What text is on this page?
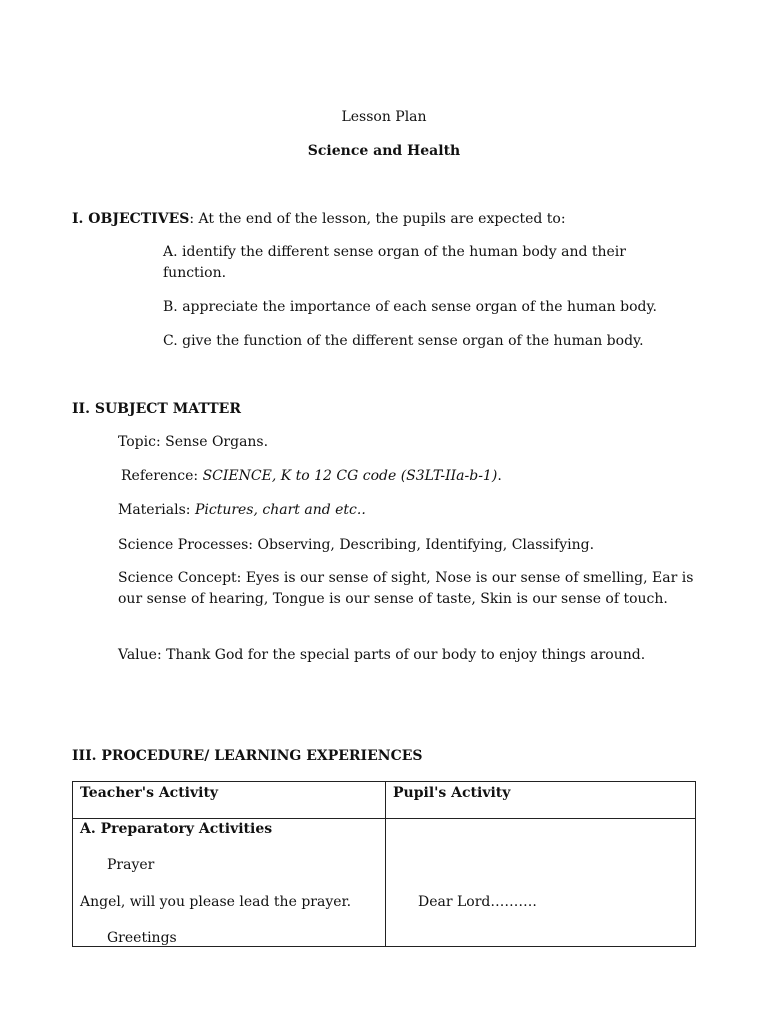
Lesson Plan
Science and Health
I. OBJECTIVES: At the end of the lesson, the pupils are expected to:
A. identify the different sense organ of the human body and their function.
B. appreciate the importance of each sense organ of the human body.
C. give the function of the different sense organ of the human body.
II. SUBJECT MATTER
Topic: Sense Organs.
Reference: SCIENCE, K to 12 CG code (S3LT-IIa-b-1).
Materials: Pictures, chart and etc..
Science Processes: Observing, Describing, Identifying, Classifying.
Science Concept: Eyes is our sense of sight, Nose is our sense of smelling, Ear is our sense of hearing, Tongue is our sense of taste, Skin is our sense of touch.
Value: Thank God for the special parts of our body to enjoy things around.
III. PROCEDURE/ LEARNING EXPERIENCES
Teacher's Activity	Pupil's Activity

A. Preparatory Activities
Prayer
Angel, will you please lead the prayer.
Greetings	Dear Lord……….
